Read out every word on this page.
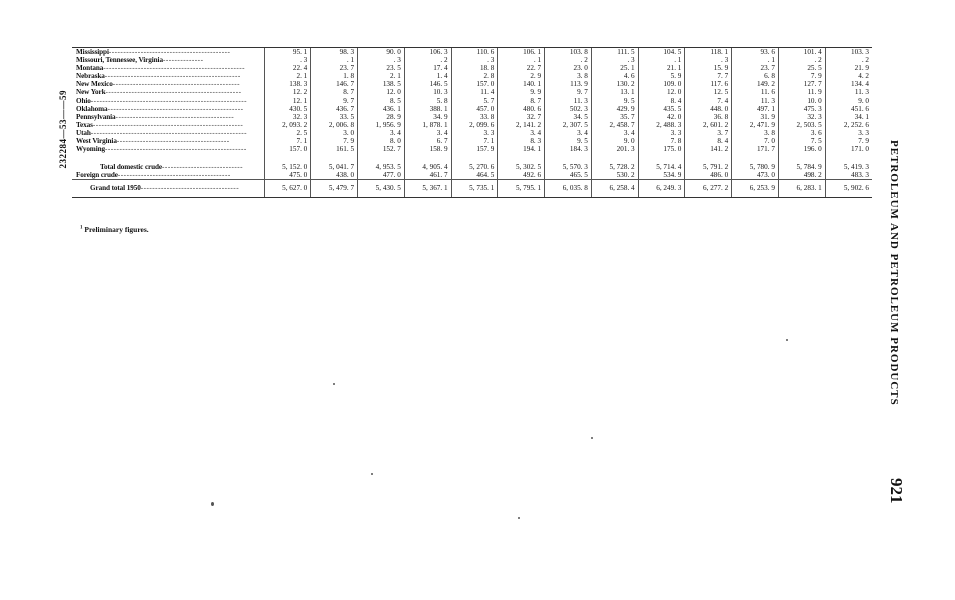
Mississippi------------------------------------------	95. 1	98. 3	90. 0	106. 3	110. 6	106. 1	103. 8	111. 5	104. 5	118. 1	93. 6	101. 4	103. 3
Missouri, Tennessee, Virginia--------------	. 3	. 1	. 3	. 2	. 3	. 1	. 2	. 3	. 1	. 3	. 1	. 2	. 2
Montana-------------------------------------------------	22. 4	23. 7	23. 5	17. 4	18. 8	22. 7	23. 0	25. 1	21. 1	15. 9	23. 7	25. 5	21. 9
Nebraska-----------------------------------------------	2. 1	1. 8	2. 1	1. 4	2. 8	2. 9	3. 8	4. 6	5. 9	7. 7	6. 8	7. 9	4. 2
New Mexico--------------------------------------------	138. 3	146. 7	138. 5	146. 5	157. 0	140. 1	113. 9	130. 2	109. 0	117. 6	149. 2	127. 7	134. 4
New York-----------------------------------------------	12. 2	8. 7	12. 0	10. 3	11. 4	9. 9	9. 7	13. 1	12. 0	12. 5	11. 6	11. 9	11. 3
Ohio------------------------------------------------------	12. 1	9. 7	8. 5	5. 8	5. 7	8. 7	11. 3	9. 5	8. 4	7. 4	11. 3	10. 0	9. 0
Oklahoma-----------------------------------------------	430. 5	436. 7	436. 1	388. 1	457. 0	480. 6	502. 3	429. 9	435. 5	448. 0	497. 1	475. 3	451. 6
Pennsylvania-----------------------------------------	32. 3	33. 5	28. 9	34. 9	33. 8	32. 7	34. 5	35. 7	42. 0	36. 8	31. 9	32. 3	34. 1
Texas----------------------------------------------------	2, 093. 2	2, 006. 8	1, 956. 9	1, 878. 1	2, 099. 6	2, 141. 2	2, 307. 5	2, 458. 7	2, 488. 3	2, 601. 2	2, 471. 9	2, 503. 5	2, 252. 6
Utah------------------------------------------------------	2. 5	3. 0	3. 4	3. 4	3. 3	3. 4	3. 4	3. 4	3. 3	3. 7	3. 8	3. 6	3. 3
West Virginia---------------------------------------	7. 1	7. 9	8. 0	6. 7	7. 1	8. 3	9. 5	9. 0	7. 8	8. 4	7. 0	7. 5	7. 9
Wyoming-------------------------------------------------	157. 0	161. 5	152. 7	158. 9	157. 9	194. 1	184. 3	201. 3	175. 0	141. 2	171. 7	196. 0	171. 0

Total domestic crude----------------------------	5, 152. 0	5, 041. 7	4, 953. 5	4, 905. 4	5, 270. 6	5, 302. 5	5, 570. 3	5, 728. 2	5, 714. 4	5, 791. 2	5, 780. 9	5, 784. 9	5, 419. 3
Foreign crude---------------------------------------	475. 0	438. 0	477. 0	461. 7	464. 5	492. 6	465. 5	530. 2	534. 9	486. 0	473. 0	498. 2	483. 3
Grand total 1950----------------------------------	5, 627. 0	5, 479. 7	5, 430. 5	5, 367. 1	5, 735. 1	5, 795. 1	6, 035. 8	6, 258. 4	6, 249. 3	6, 277. 2	6, 253. 9	6, 283. 1	5, 902. 6
$^1$ Preliminary figures.	PETROLEUM AND PETROLEUM PRODUCTS
921
232284—53——59
